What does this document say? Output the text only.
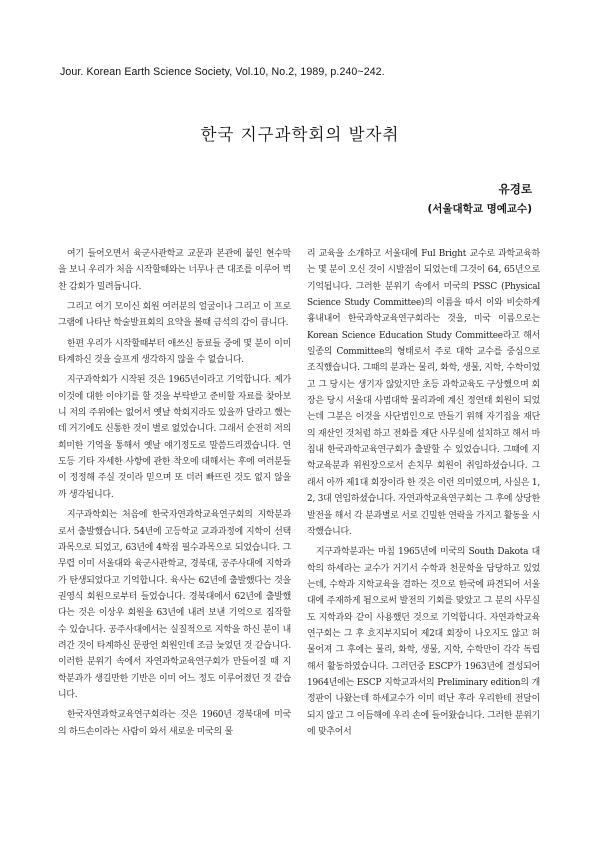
Jour. Korean Earth Science Society, Vol.10, No.2, 1989, p.240~242.
한국 지구과학회의 발자취
유경로
(서울대학교 명예교수)

여기 들어오면서 육군사관학교 교문과 본관에 붙인 현수막을 보니 우리가 처음 시작할때와는 너무나 큰 대조를 이루어 벅찬 감회가 밀려듭니다.

그리고 여기 모이신 회원 여러분의 얼굴이나 그리고 이 프로그램에 나타난 학술발표회의 요약을 볼때 금석의 감이 큽니다.

한편 우리가 시작할때부터 애쓰신 동료들 중에 몇 분이 이미 타계하신 것을 슬프게 생각하지 않을 수 없습니다.

지구과학회가 시작된 것은 1965년이라고 기억합니다. 제가 이것에 대한 이야기를 할 것을 부탁받고 준비할 자료를 찾아보니 저의 주위에는 없어서 옛날 학회지라도 있을까 달라고 했는데 거기에도 신통한 것이 별로 없었습니다. 그래서 순전히 저의 희미한 기억을 통해서 옛날 얘기정도로 말씀드리겠습니다. 연도등 기타 자세한 사항에 관한 착오에 대해서는 후에 여러분들이 정정해 주실 것이라 믿으며 또 더러 빠뜨린 것도 없지 않을까 생각됩니다.

지구과학회는 처음에 한국자연과학교육연구회의 지학분과로서 출발했습니다. 54년에 고등학교 교과과정에 지학이 선택과목으로 되었고, 63년에 4학점 필수과목으로 되었습니다. 그 무렵 이미 서울대와 육군사관학교, 경북대, 공주사대에 지학과가 탄생되었다고 기억합니다. 육사는 62년에 출발했다는 것을 권영식 회원으로부터 들었습니다. 경북대에서 62년에 출발했다는 것은 이상우 회원을 63년에 내려 보낸 기억으로 짐작할 수 있습니다. 공주사대에서는 실질적으로 지학을 하신 분이 내려간 것이 타계하신 문광언 회원인데 조금 늦었던 것 같습니다. 이러한 분위기 속에서 자연과학교육연구회가 만들어질 때 지학분과가 생길만한 기반은 이미 어느 정도 이루어졌던 것 같습니다.

한국자연과학교육연구회라는 것은 1960년 경북대에 미국의 하드손이라는 사람이 와서 새로운 미국의 물

리 교육을 소개하고 서울대에 Ful Bright 교수로 과학교육하는 몇 분이 오신 것이 시발점이 되었는데 그것이 64, 65년으로 기억됩니다. 그러한 분위기 속에서 미국의 PSSC (Physical Science Study Committee)의 이름을 따서 이와 비슷하게 흉내내어 한국과학교육연구회라는 것을, 미국 이름으로는 Korean Science Education Study Committee라고 해서 일종의 Committee의 형태로서 주로 대학 교수를 중심으로 조직했습니다. 그때의 분과는 물리, 화학, 생물, 지학, 수학이었고 그 당시는 생기자 않았지만 초등 과학교육도 구상했으며 회장은 당시 서울대 사범대학 물리과에 계신 정연태 회원이 되었는데 그분은 이것을 사단법인으로 만들기 위해 자기집을 재단의 재산인 것처럼 하고 전화를 재단 사무실에 설치하고 해서 마침내 한국과학교육연구회가 출발할 수 있었습니다. 그때에 지학교육분과 위원장으로서 손치무 회원이 취임하셨습니다. 그래서 아까 제1대 회장이라 한 것은 이런 의미였으며, 사실은 1, 2, 3대 연임하셨습니다. 자연과학교육연구회는 그 후에 상당한 발전을 해서 각 분과별로 서로 긴밀한 연락을 가지고 활동을 시작했습니다.

지구과학분과는 마침 1965년에 미국의 South Dakota 대학의 하세라는 교수가 거기서 수학과 천문학을 담당하고 있었는데, 수학과 지학교육을 겸하는 것으로 한국에 파견되어 서울대에 주재하게 됨으로써 발전의 기회를 맞았고 그 분의 사무실도 지학과와 같이 사용했던 것으로 기억합니다. 자연과학교육연구회는 그 후 흐지부지되어 제2대 회장이 나오지도 않고 허물어져 그 후에는 물리, 화학, 생물, 지학, 수학만이 각각 독립해서 활동하였습니다. 그러던중 ESCP가 1963년에 결성되어 1964년에는 ESCP 지학교과서의 Preliminary edition의 개정판이 나왔는데 하세교수가 이미 떠난 후라 우리한테 전달이 되지 않고 그 이듬해에 우리 손에 들어왔습니다. 그러한 분위기에 맞추어서
